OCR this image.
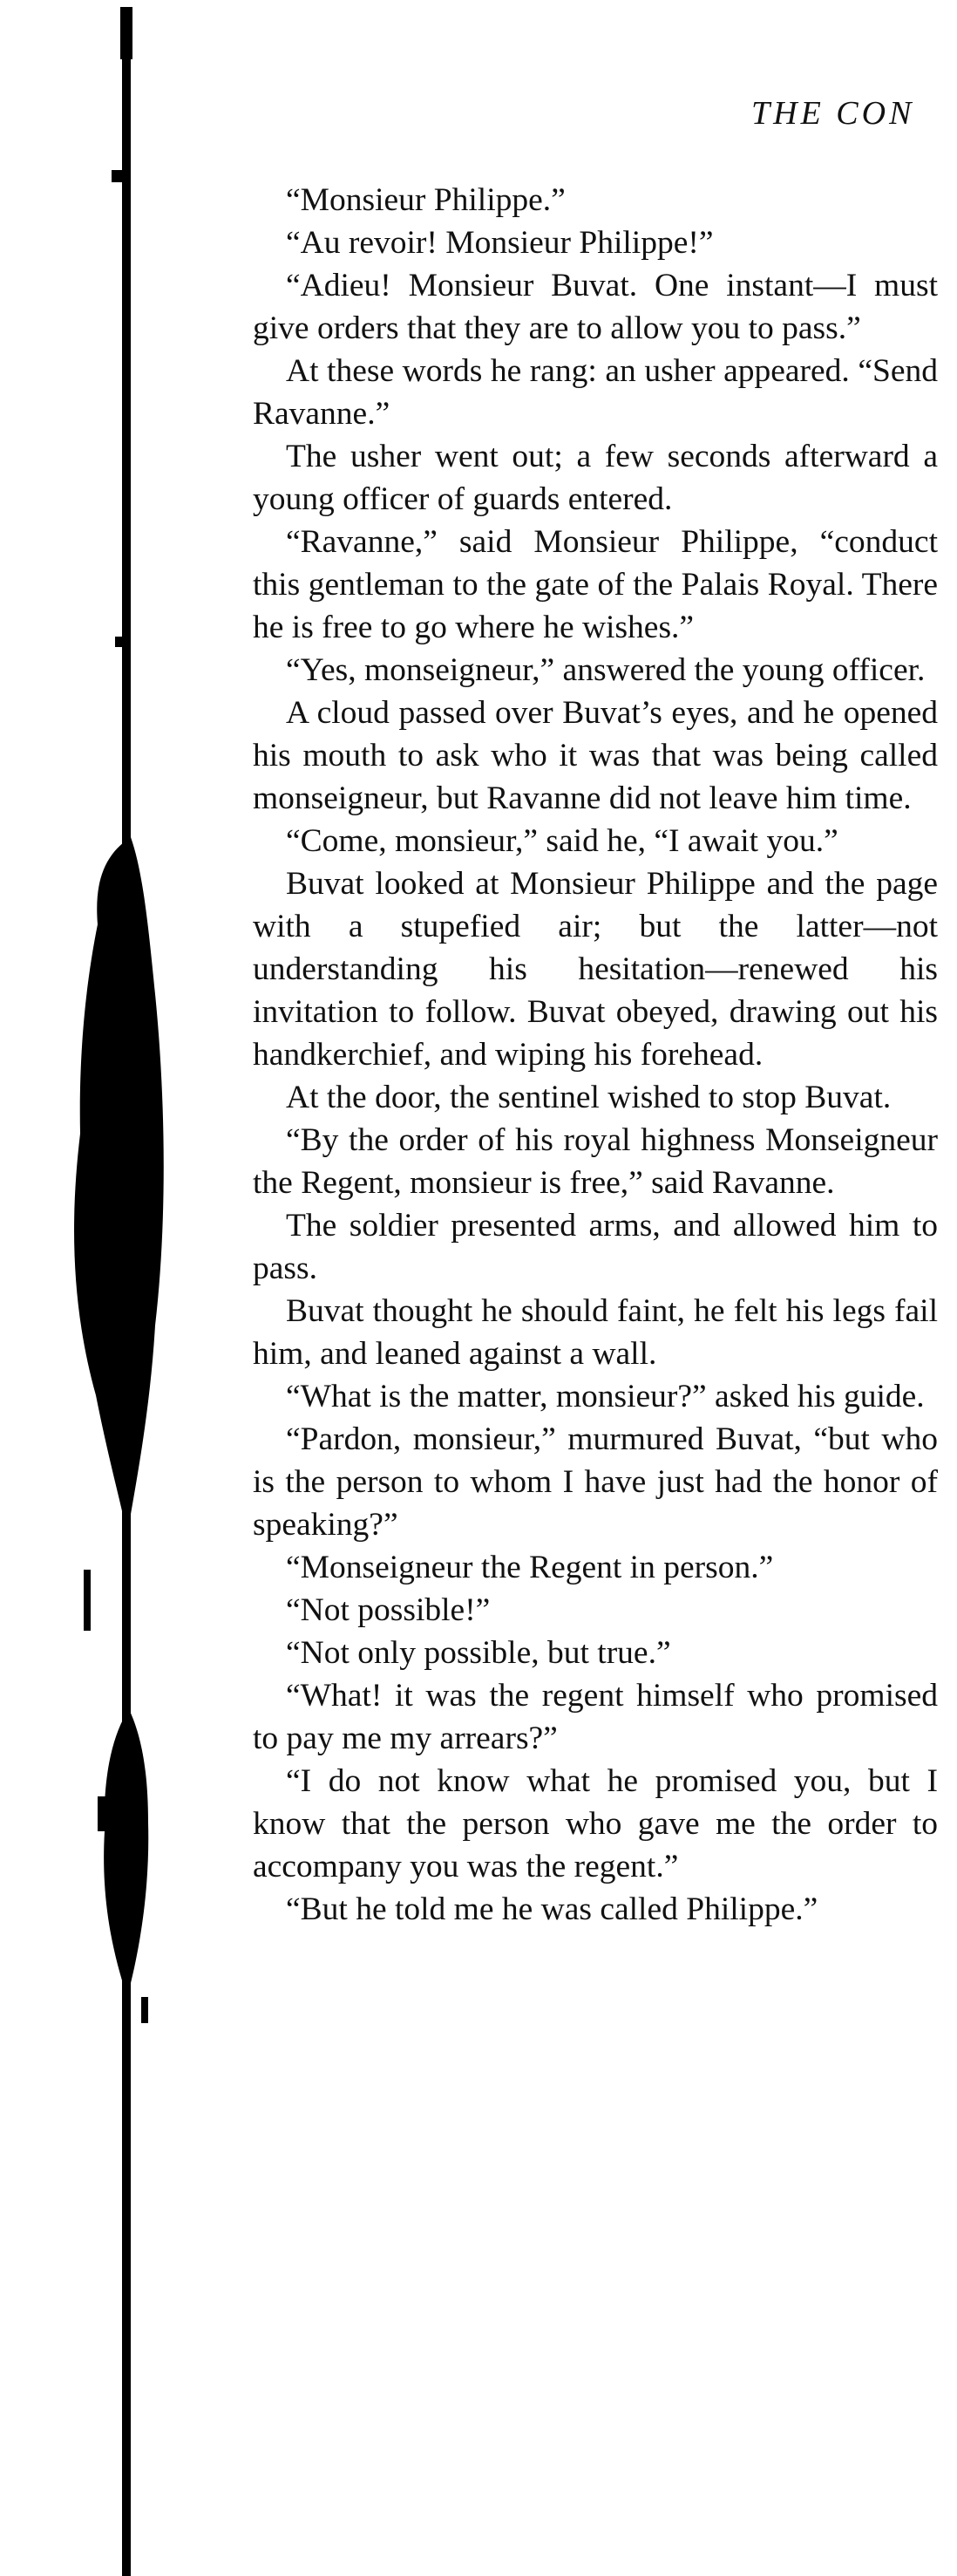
THE CON

“Monsieur Philippe.”

“Au revoir! Monsieur Philippe!”

“Adieu! Monsieur Buvat. One instant—I must give orders that they are to allow you to pass.”

At these words he rang: an usher appeared. “Send Ravanne.”

The usher went out; a few seconds afterward a young officer of guards entered.

“Ravanne,” said Monsieur Philippe, “conduct this gentleman to the gate of the Palais Royal. There he is free to go where he wishes.”

“Yes, monseigneur,” answered the young officer.

A cloud passed over Buvat’s eyes, and he opened his mouth to ask who it was that was being called monseigneur, but Ravanne did not leave him time.

“Come, monsieur,” said he, “I await you.”

Buvat looked at Monsieur Philippe and the page with a stupefied air; but the latter—not understanding his hesitation—renewed his invitation to follow. Buvat obeyed, drawing out his handkerchief, and wiping his forehead.

At the door, the sentinel wished to stop Buvat.

“By the order of his royal highness Monseigneur the Regent, monsieur is free,” said Ravanne.

The soldier presented arms, and allowed him to pass.

Buvat thought he should faint, he felt his legs fail him, and leaned against a wall.

“What is the matter, monsieur?” asked his guide.

“Pardon, monsieur,” murmured Buvat, “but who is the person to whom I have just had the honor of speaking?”

“Monseigneur the Regent in person.”

“Not possible!”

“Not only possible, but true.”

“What! it was the regent himself who promised to pay me my arrears?”

“I do not know what he promised you, but I know that the person who gave me the order to accompany you was the regent.”

“But he told me he was called Philippe.”
